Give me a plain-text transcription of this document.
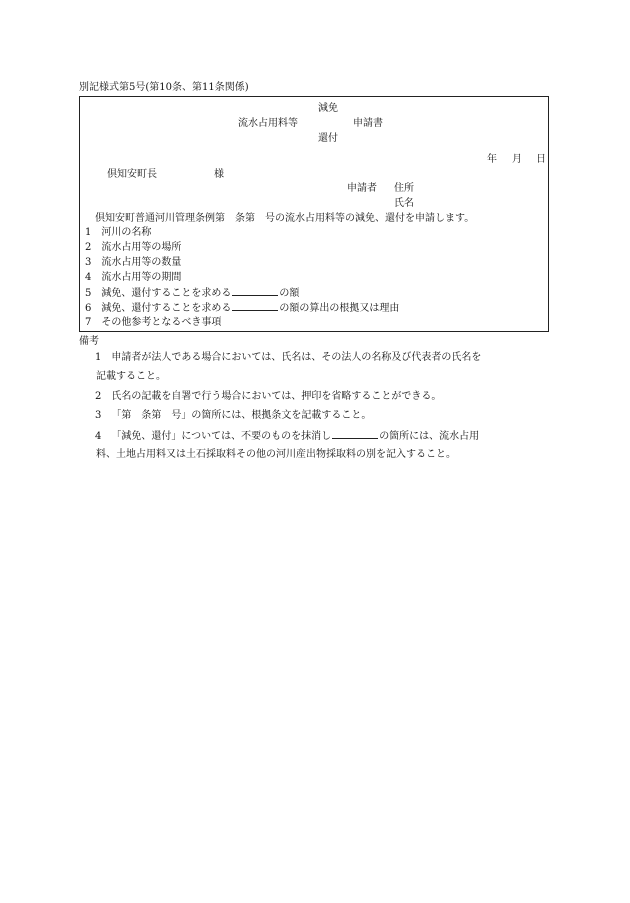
別記様式第5号(第10条、第11条関係)
減免
流水占用料等	申請書
還付
年 月 日
倶知安町長	様
申請者 住所
氏名
倶知安町普通河川管理条例第　条第　号の流水占用料等の減免、還付を申請します。
1 河川の名称
2 流水占用等の場所
3 流水占用等の数量
4 流水占用等の期間
5 減免、還付することを求める	の額
6 減免、還付することを求める	の額の算出の根拠又は理由
7 その他参考となるべき事項
備考
1 申請者が法人である場合においては、氏名は、その法人の名称及び代表者の氏名を
記載すること。
2 氏名の記載を自署で行う場合においては、押印を省略することができる。
3 「第　条第　号」の箇所には、根拠条文を記載すること。
4 「減免、還付」については、不要のものを抹消し	の箇所には、流水占用
料、土地占用料又は土石採取料その他の河川産出物採取料の別を記入すること。
